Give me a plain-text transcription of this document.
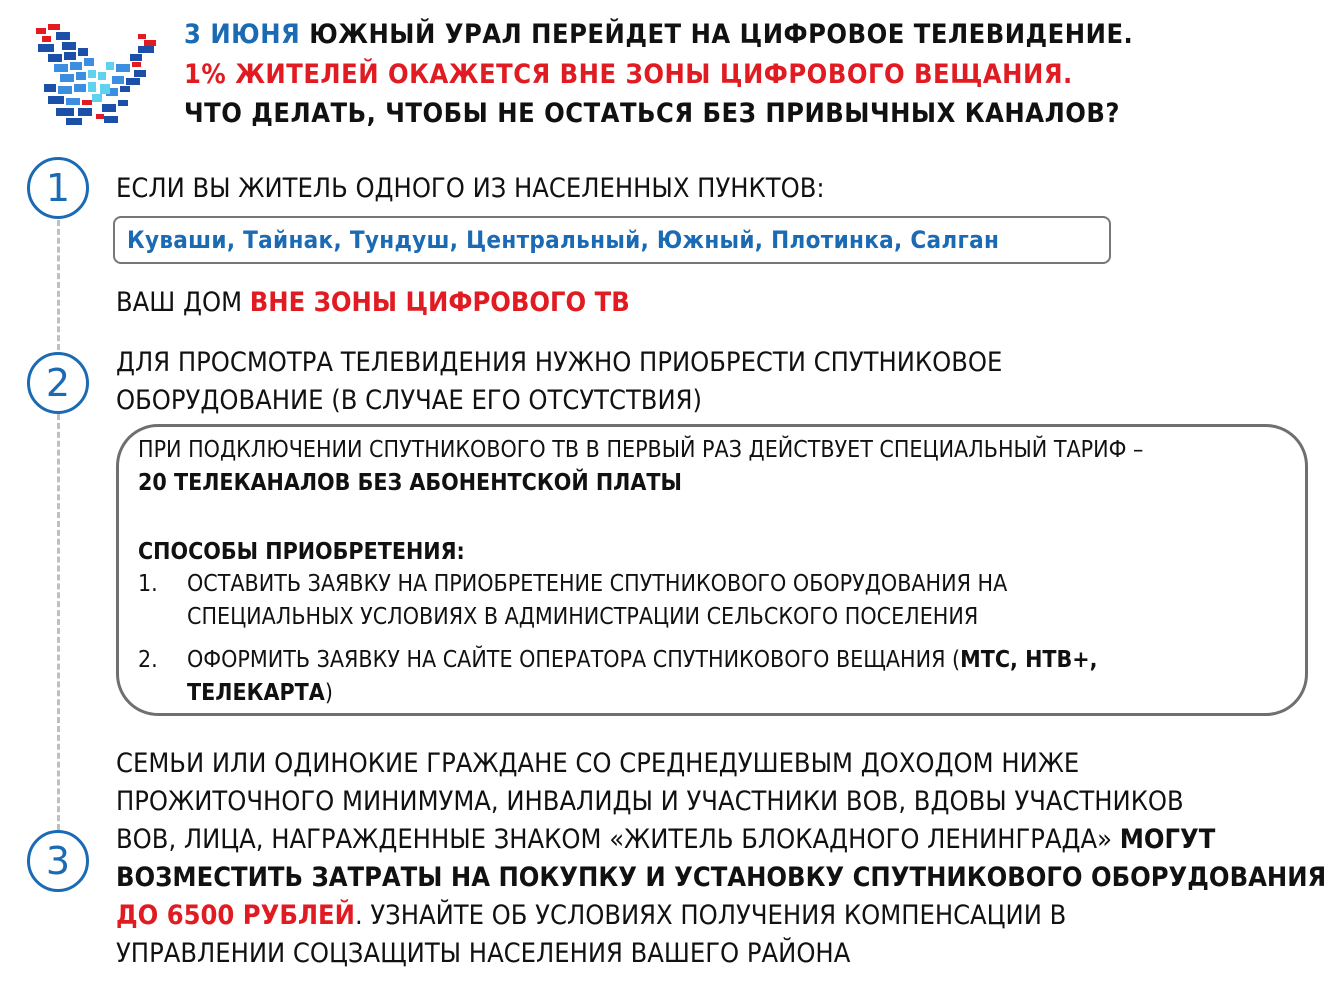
3 ИЮНЯ ЮЖНЫЙ УРАЛ ПЕРЕЙДЕТ НА ЦИФРОВОЕ ТЕЛЕВИДЕНИЕ.
1% ЖИТЕЛЕЙ ОКАЖЕТСЯ ВНЕ ЗОНЫ ЦИФРОВОГО ВЕЩАНИЯ.
ЧТО ДЕЛАТЬ, ЧТОБЫ НЕ ОСТАТЬСЯ БЕЗ ПРИВЫЧНЫХ КАНАЛОВ?
1	ЕСЛИ ВЫ ЖИТЕЛЬ ОДНОГО ИЗ НАСЕЛЕННЫХ ПУНКТОВ:
Куваши, Тайнак, Тундуш, Центральный, Южный, Плотинка, Салган
ВАШ ДОМ ВНЕ ЗОНЫ ЦИФРОВОГО ТВ
2	ДЛЯ ПРОСМОТРА ТЕЛЕВИДЕНИЯ НУЖНО ПРИОБРЕСТИ СПУТНИКОВОЕ
ОБОРУДОВАНИЕ (В СЛУЧАЕ ЕГО ОТСУТСТВИЯ)
ПРИ ПОДКЛЮЧЕНИИ СПУТНИКОВОГО ТВ В ПЕРВЫЙ РАЗ ДЕЙСТВУЕТ СПЕЦИАЛЬНЫЙ ТАРИФ –
20 ТЕЛЕКАНАЛОВ БЕЗ АБОНЕНТСКОЙ ПЛАТЫ
СПОСОБЫ ПРИОБРЕТЕНИЯ:
1. ОСТАВИТЬ ЗАЯВКУ НА ПРИОБРЕТЕНИЕ СПУТНИКОВОГО ОБОРУДОВАНИЯ НА
СПЕЦИАЛЬНЫХ УСЛОВИЯХ В АДМИНИСТРАЦИИ СЕЛЬСКОГО ПОСЕЛЕНИЯ
2. ОФОРМИТЬ ЗАЯВКУ НА САЙТЕ ОПЕРАТОРА СПУТНИКОВОГО ВЕЩАНИЯ (МТС, НТВ+,
ТЕЛЕКАРТА)
3
СЕМЬИ ИЛИ ОДИНОКИЕ ГРАЖДАНЕ СО СРЕДНЕДУШЕВЫМ ДОХОДОМ НИЖЕ
ПРОЖИТОЧНОГО МИНИМУМА, ИНВАЛИДЫ И УЧАСТНИКИ ВОВ, ВДОВЫ УЧАСТНИКОВ
ВОВ, ЛИЦА, НАГРАЖДЕННЫЕ ЗНАКОМ «ЖИТЕЛЬ БЛОКАДНОГО ЛЕНИНГРАДА» МОГУТ
ВОЗМЕСТИТЬ ЗАТРАТЫ НА ПОКУПКУ И УСТАНОВКУ СПУТНИКОВОГО ОБОРУДОВАНИЯ
ДО 6500 РУБЛЕЙ. УЗНАЙТЕ ОБ УСЛОВИЯХ ПОЛУЧЕНИЯ КОМПЕНСАЦИИ В
УПРАВЛЕНИИ СОЦЗАЩИТЫ НАСЕЛЕНИЯ ВАШЕГО РАЙОНА
